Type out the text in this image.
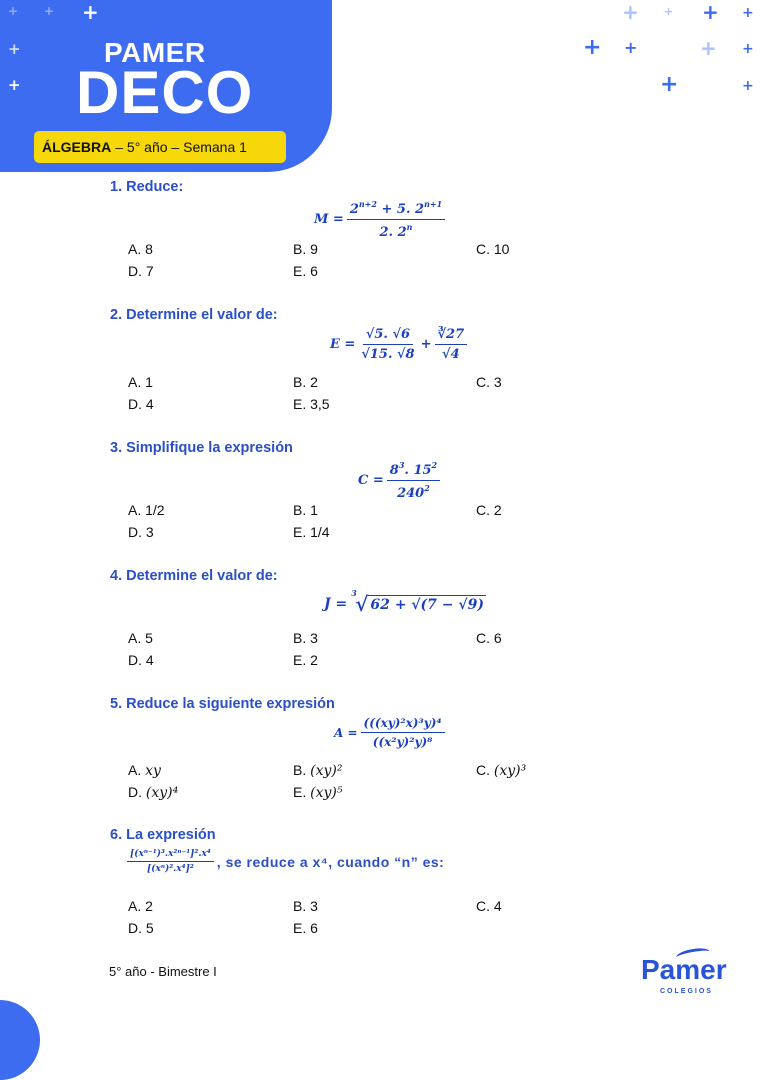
PAMER
DECO
ÁLGEBRA – 5° año – Semana 1
+ + +
+
+
+ + + +
+ +	+ +
+	+
1. Reduce:
$M = \frac{2^{n+2} + 5. 2^{n+1}}{2. 2^n}$
A. 8	B. 9	C. 10
D. 7	E. 6
2. Determine el valor de:
$E = \frac{√5. √6}{√15. √8} + \frac{∛27}{√4}$
A. 1	B. 2	C. 3
D. 4	E. 3,5
3. Simplifique la expresión
$C = \frac{8^3. 15^2}{240^2}$
A. 1/2	B. 1	C. 2
D. 3	E. 1/4
4. Determine el valor de:
J =
3
√ 62 + √(7 − √9)
A. 5	B. 3	C. 6
D. 4	E. 2
5. Reduce la siguiente expresión
$A = \frac{\text{(((xy)²x)³y)⁴}}{\text{((x²y)²y)⁸}}$
A. xy	B. (xy)²	C. (xy)³
D. (xy)⁴	E. (xy)⁵
6. La expresión
$\frac{\text{[(xⁿ⁻¹)³.x²ⁿ⁻¹]².x⁴}}{\text{[(xⁿ)².x⁴]²}}$ , se reduce a x⁴, cuando “n” es:
A. 2	B. 3	C. 4
D. 5	E. 6
5° año - Bimestre I	Pamer
COLEGIOS
